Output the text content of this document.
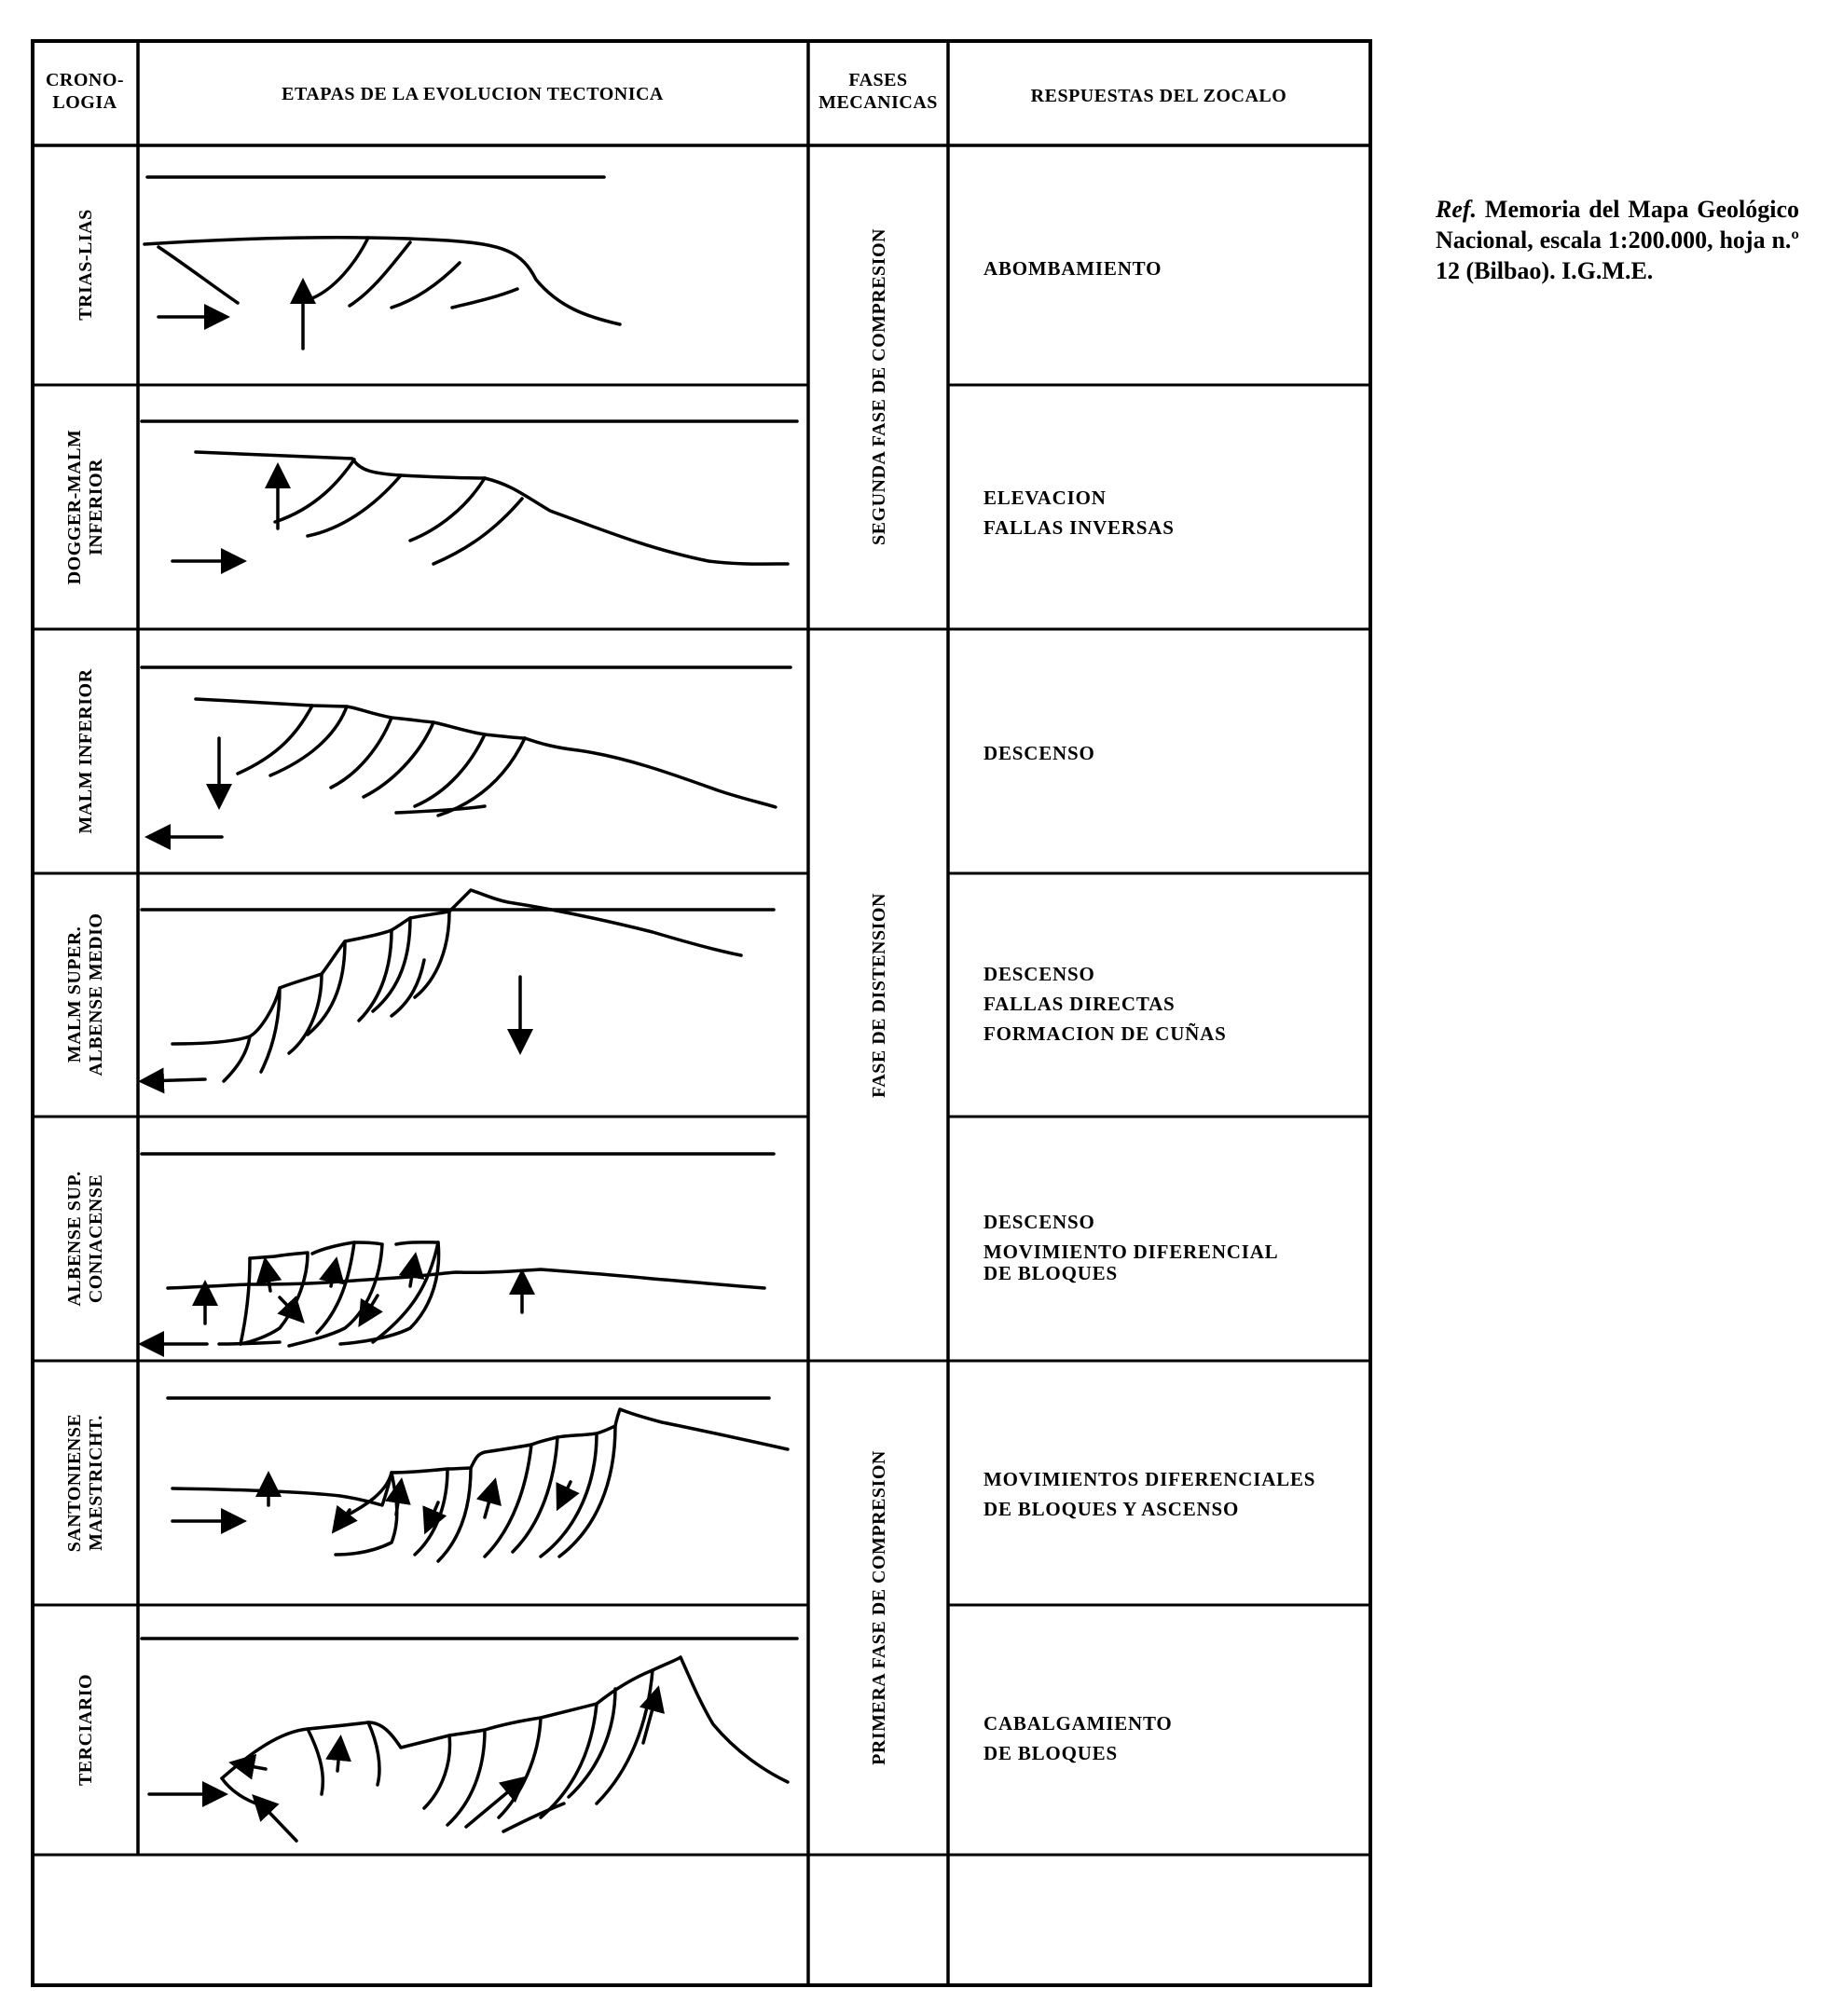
CRONO-
LOGIA	ETAPAS DE LA EVOLUCION TECTONICA
FASES
MECANICAS	RESPUESTAS DEL ZOCALO
TRIAS-LIAS
DOGGER-MALM INFERIOR
MALM INFERIOR
MALM SUPER. ALBENSE MEDIO
ALBENSE SUP. CONIACENSE
SANTONIENSE MAESTRICHT.
TERCIARIO
SEGUNDA FASE DE COMPRESION
FASE DE DISTENSION
PRIMERA FASE DE COMPRESION
ABOMBAMIENTO
ELEVACION
FALLAS INVERSAS
DESCENSO
DESCENSO
FALLAS DIRECTAS
FORMACION DE CUÑAS
DESCENSO
MOVIMIENTO DIFERENCIAL
DE BLOQUES
MOVIMIENTOS DIFERENCIALES
DE BLOQUES Y ASCENSO
CABALGAMIENTO
DE BLOQUES
Ref. Memoria del Mapa Geológico Nacional, escala 1:200.000, hoja n.º 12 (Bilbao). I.G.M.E.
